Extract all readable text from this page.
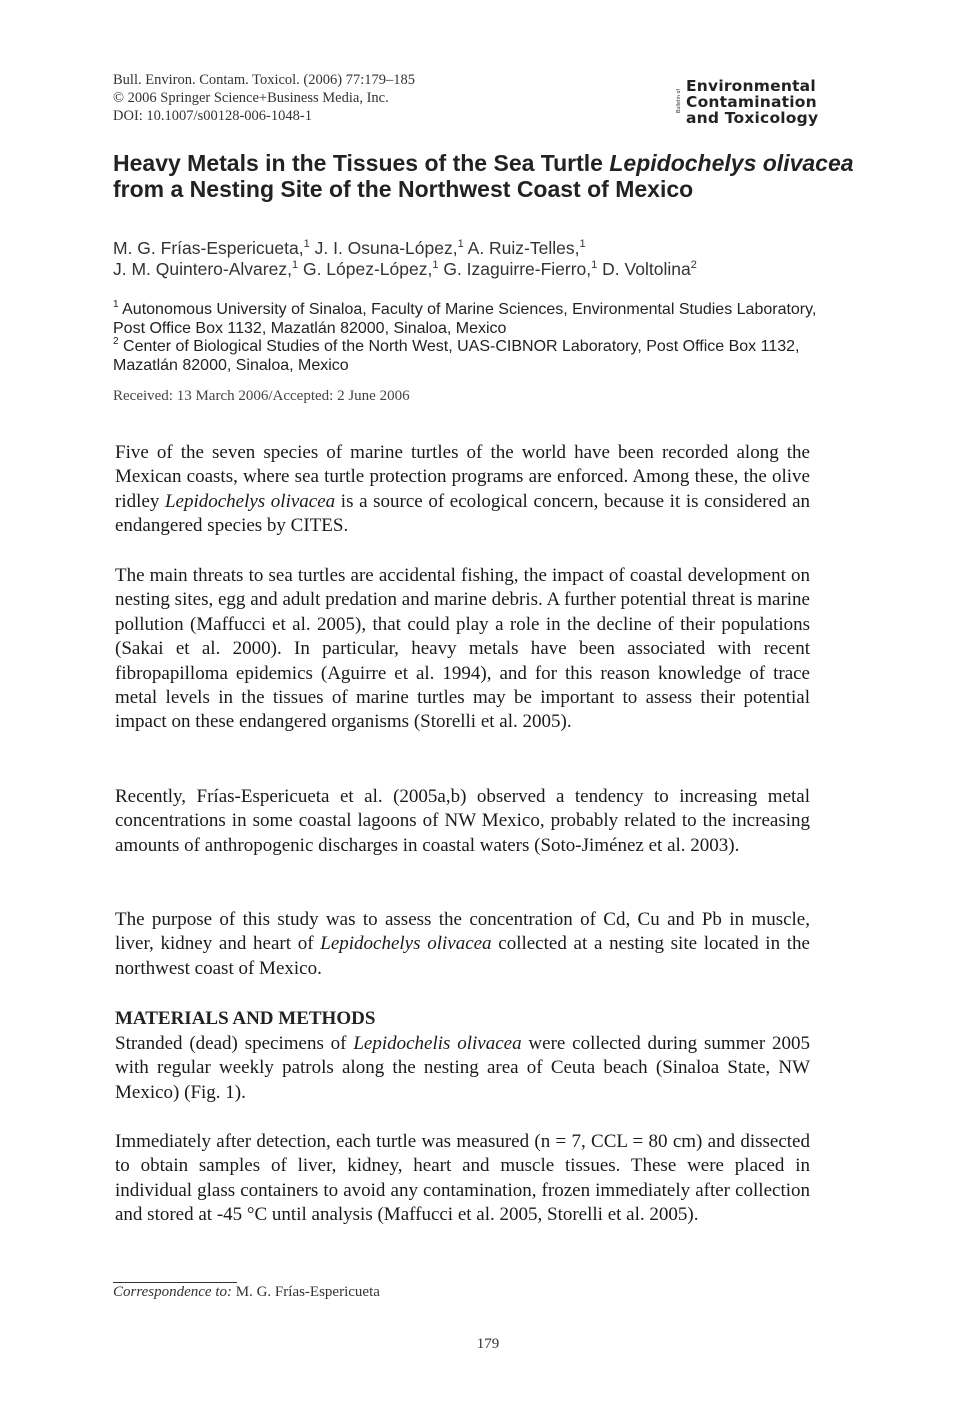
Bull. Environ. Contam. Toxicol. (2006) 77:179–185
© 2006 Springer Science+Business Media, Inc.
DOI: 10.1007/s00128-006-1048-1
Bulletin of
Environmental
Contamination
and Toxicology
Heavy Metals in the Tissues of the Sea Turtle Lepidochelys olivacea from a Nesting Site of the Northwest Coast of Mexico
M. G. Frías-Espericueta,$^1$ J. I. Osuna-López,$^1$ A. Ruiz-Telles,$^1$
J. M. Quintero-Alvarez,$^1$ G. López-López,$^1$ G. Izaguirre-Fierro,$^1$ D. Voltolina$^2$
$^1$ Autonomous University of Sinaloa, Faculty of Marine Sciences, Environmental Studies Laboratory, Post Office Box 1132, Mazatlán 82000, Sinaloa, Mexico
$^2$ Center of Biological Studies of the North West, UAS-CIBNOR Laboratory, Post Office Box 1132, Mazatlán 82000, Sinaloa, Mexico
Received: 13 March 2006/Accepted: 2 June 2006

Five of the seven species of marine turtles of the world have been recorded along the Mexican coasts, where sea turtle protection programs are enforced. Among these, the olive ridley Lepidochelys olivacea is a source of ecological concern, because it is considered an endangered species by CITES.

The main threats to sea turtles are accidental fishing, the impact of coastal development on nesting sites, egg and adult predation and marine debris. A further potential threat is marine pollution (Maffucci et al. 2005), that could play a role in the decline of their populations (Sakai et al. 2000). In particular, heavy metals have been associated with recent fibropapilloma epidemics (Aguirre et al. 1994), and for this reason knowledge of trace metal levels in the tissues of marine turtles may be important to assess their potential impact on these endangered organisms (Storelli et al. 2005).

Recently, Frías-Espericueta et al. (2005a,b) observed a tendency to increasing metal concentrations in some coastal lagoons of NW Mexico, probably related to the increasing amounts of anthropogenic discharges in coastal waters (Soto-Jiménez et al. 2003).

The purpose of this study was to assess the concentration of Cd, Cu and Pb in muscle, liver, kidney and heart of Lepidochelys olivacea collected at a nesting site located in the northwest coast of Mexico.

MATERIALS AND METHODS

Stranded (dead) specimens of Lepidochelis olivacea were collected during summer 2005 with regular weekly patrols along the nesting area of Ceuta beach (Sinaloa State, NW Mexico) (Fig. 1).

Immediately after detection, each turtle was measured (n = 7, CCL = 80 cm) and dissected to obtain samples of liver, kidney, heart and muscle tissues. These were placed in individual glass containers to avoid any contamination, frozen immediately after collection and stored at -45 °C until analysis (Maffucci et al. 2005, Storelli et al. 2005).

Correspondence to: M. G. Frías-Espericueta
179
